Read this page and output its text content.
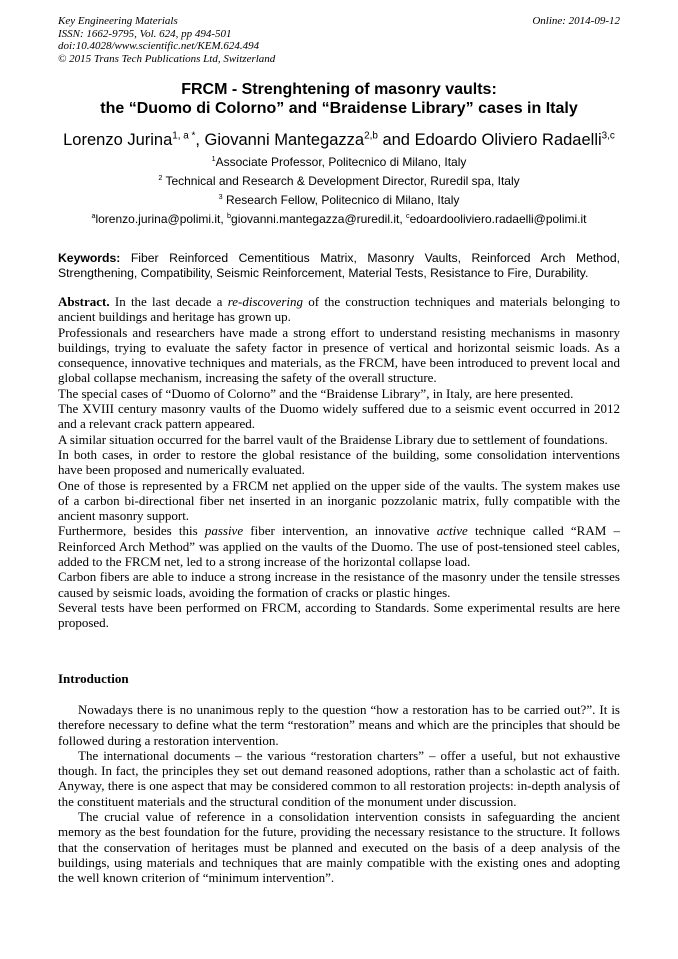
Key Engineering Materials
ISSN: 1662-9795, Vol. 624, pp 494-501
doi:10.4028/www.scientific.net/KEM.624.494
© 2015 Trans Tech Publications Ltd, Switzerland
Online: 2014-09-12
FRCM - Strenghtening of masonry vaults:
the “Duomo di Colorno” and “Braidense Library” cases in Italy
Lorenzo Jurina$^{1, a *}$, Giovanni Mantegazza$^{2,b}$ and Edoardo Oliviero Radaelli$^{3,c}$
$^1$Associate Professor, Politecnico di Milano, Italy
$^2$ Technical and Research & Development Director, Ruredil spa, Italy
$^3$ Research Fellow, Politecnico di Milano, Italy
$^a$lorenzo.jurina@polimi.it, $^b$giovanni.mantegazza@ruredil.it, $^c$edoardooliviero.radaelli@polimi.it
Keywords: Fiber Reinforced Cementitious Matrix, Masonry Vaults, Reinforced Arch Method, Strengthening, Compatibility, Seismic Reinforcement, Material Tests, Resistance to Fire, Durability.

Abstract. In the last decade a re-discovering of the construction techniques and materials belonging to ancient buildings and heritage has grown up.

Professionals and researchers have made a strong effort to understand resisting mechanisms in masonry buildings, trying to evaluate the safety factor in presence of vertical and horizontal seismic loads. As a consequence, innovative techniques and materials, as the FRCM, have been introduced to prevent local and global collapse mechanism, increasing the safety of the overall structure.

The special cases of “Duomo of Colorno” and the “Braidense Library”, in Italy, are here presented.

The XVIII century masonry vaults of the Duomo widely suffered due to a seismic event occurred in 2012 and a relevant crack pattern appeared.

A similar situation occurred for the barrel vault of the Braidense Library due to settlement of foundations.

In both cases, in order to restore the global resistance of the building, some consolidation interventions have been proposed and numerically evaluated.

One of those is represented by a FRCM net applied on the upper side of the vaults. The system makes use of a carbon bi-directional fiber net inserted in an inorganic pozzolanic matrix, fully compatible with the ancient masonry support.

Furthermore, besides this passive fiber intervention, an innovative active technique called “RAM – Reinforced Arch Method” was applied on the vaults of the Duomo. The use of post-tensioned steel cables, added to the FRCM net, led to a strong increase of the horizontal collapse load.

Carbon fibers are able to induce a strong increase in the resistance of the masonry under the tensile stresses caused by seismic loads, avoiding the formation of cracks or plastic hinges.

Several tests have been performed on FRCM, according to Standards. Some experimental results are here proposed.

Introduction

Nowadays there is no unanimous reply to the question “how a restoration has to be carried out?”. It is therefore necessary to define what the term “restoration” means and which are the principles that should be followed during a restoration intervention.

The international documents – the various “restoration charters” – offer a useful, but not exhaustive though. In fact, the principles they set out demand reasoned adoptions, rather than a scholastic act of faith. Anyway, there is one aspect that may be considered common to all restoration projects: in-depth analysis of the constituent materials and the structural condition of the monument under discussion.

The crucial value of reference in a consolidation intervention consists in safeguarding the ancient memory as the best foundation for the future, providing the necessary resistance to the structure. It follows that the conservation of heritages must be planned and executed on the basis of a deep analysis of the buildings, using materials and techniques that are mainly compatible with the existing ones and adopting the well known criterion of “minimum intervention”.
